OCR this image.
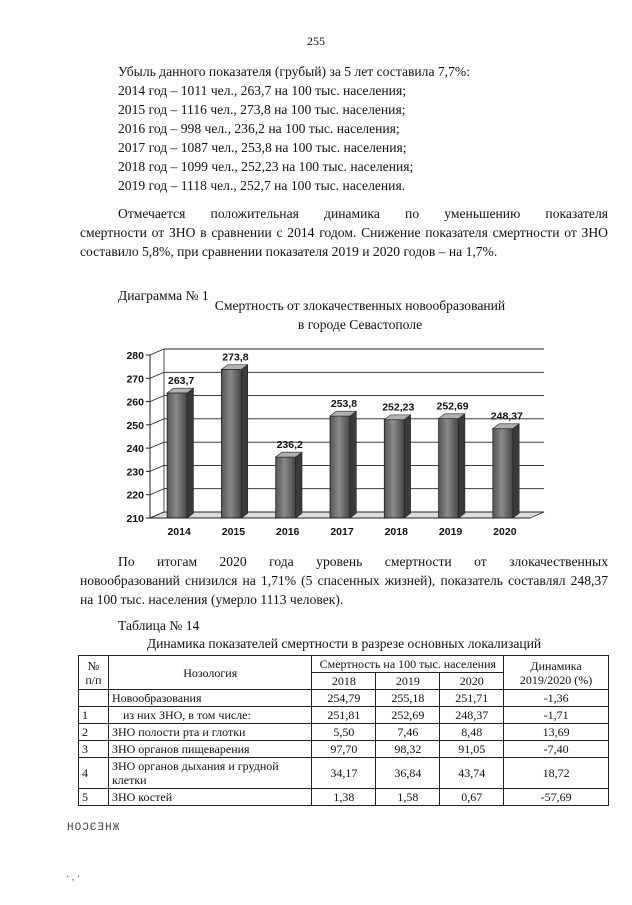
255
Убыль данного показателя (грубый) за 5 лет составила 7,7%:
2014 год – 1011 чел., 263,7 на 100 тыс. населения;
2015 год – 1116 чел., 273,8 на 100 тыс. населения;
2016 год – 998 чел., 236,2 на 100 тыс. населения;
2017 год – 1087 чел., 253,8 на 100 тыс. населения;
2018 год – 1099 чел., 252,23 на 100 тыс. населения;
2019 год – 1118 чел., 252,7 на 100 тыс. населения.
Отмечается положительная динамика по уменьшению показателя
смертности от ЗНО в сравнении с 2014 годом. Снижение показателя смертности от ЗНО составило 5,8%, при сравнении показателя 2019 и 2020 годов – на 1,7%.
Диаграмма № 1
Смертность от злокачественных новообразований
в городе Севастополе
280
270
260
250
240
230
220
210
263,7
2014
273,8
2015
236,2
2016
253,8
2017
252,23
2018
252,69
2019
248,37
2020
По итогам 2020 года уровень смертности от злокачественных
новообразований снизился на 1,71% (5 спасенных жизней), показатель составлял 248,37 на 100 тыс. населения (умерло 1113 человек).
Таблица № 14
Динамика показателей смертности в разрезе основных локализаций
№ п/п	Нозология	Смертность на 100 тыс. населения			Динамика 2019/2020 (%)
		2018	2019	2020	
	Новообразования	254,79	255,18	251,71	-1,36
1	из них ЗНО, в том числе:	251,81	252,69	248,37	-1,71
2	ЗНО полости рта и глотки	5,50	7,46	8,48	13,69
3	ЗНО органов пищеварения	97,70	98,32	91,05	-7,40
4	ЗНО органов дыхания и грудной клетки	34,17	36,84	43,74	18,72
5	ЗНО костей	1,38	1,58	0,67	-57,69
ЖНЕЭСОН
· , ·
